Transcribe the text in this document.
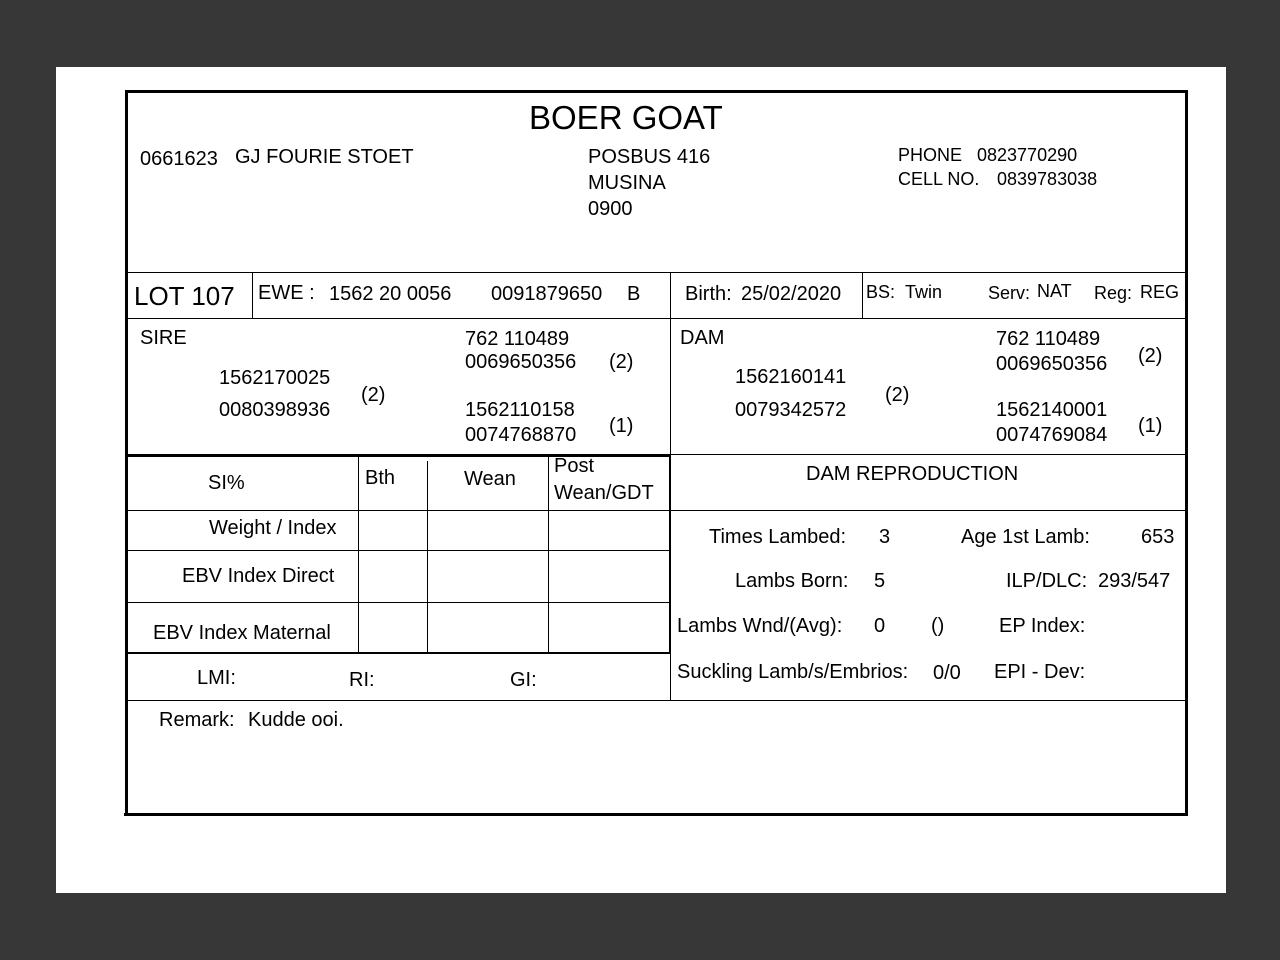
BOER GOAT
0661623 GJ FOURIE STOET	POSBUS 416
MUSINA
0900
PHONE 0823770290
CELL NO. 0839783038
LOT 107 EWE : 1562 20 0056 0091879650 B Birth: 25/02/2020 BS: Twin	Serv: NAT Reg: REG
SIRE
1562170025
0080398936
(2)
762 110489
0069650356 (2)
1562110158
0074768870 (1)
DAM
1562160141
0079342572
(2)
762 110489
0069650356 (2)
1562140001
0074769084 (1)
SI%	Bth	Wean
Post
Wean/GDT
Weight / Index
EBV Index Direct
EBV Index Maternal
LMI:	RI:	GI:
DAM REPRODUCTION
Times Lambed: 3	Age 1st Lamb:	653
Lambs Born: 5	ILP/DLC: 293/547
Lambs Wnd/(Avg): 0 ()	EP Index:
Suckling Lamb/s/Embrios: 0/0 EPI - Dev:
Remark: Kudde ooi.
